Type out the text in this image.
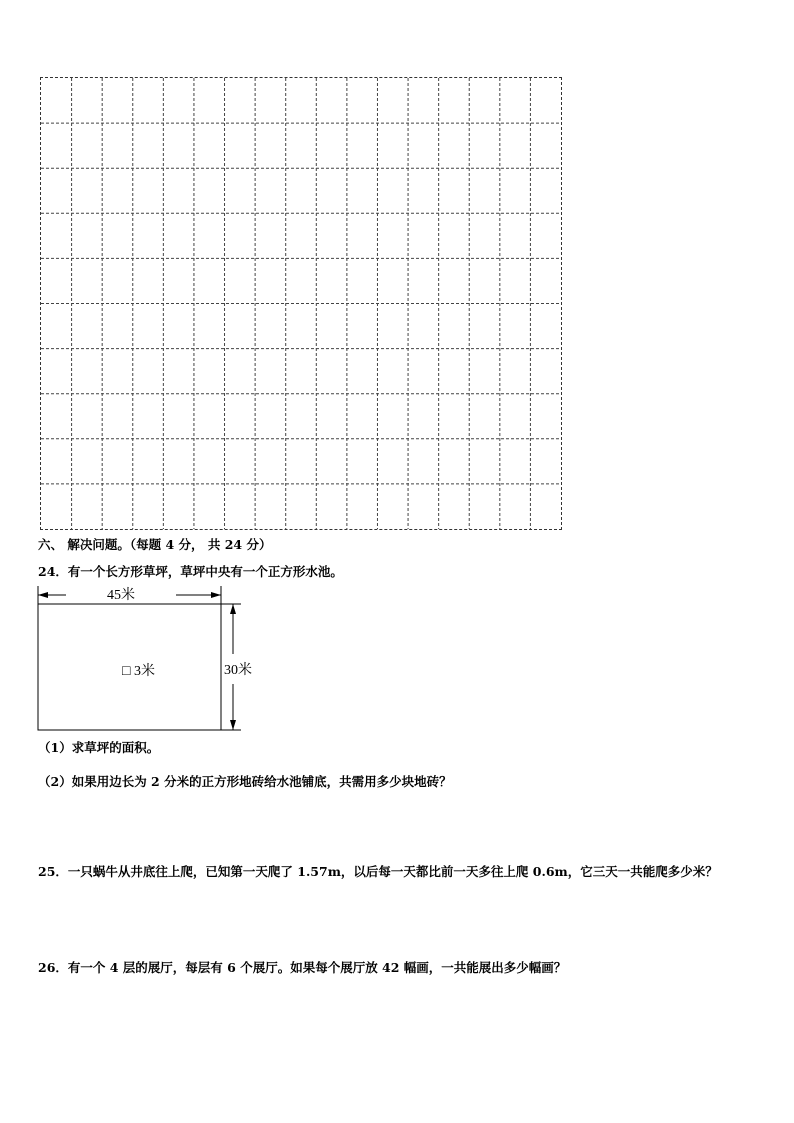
六、 解决问题。（每题 4 分， 共 24 分）
24．有一个长方形草坪，草坪中央有一个正方形水池。
45米
30米
□ 3米
（1）求草坪的面积。
（2）如果用边长为 2 分米的正方形地砖给水池铺底，共需用多少块地砖？
25．一只蜗牛从井底往上爬，已知第一天爬了 1.57m，以后每一天都比前一天多往上爬 0.6m，它三天一共能爬多少米？
26．有一个 4 层的展厅，每层有 6 个展厅。如果每个展厅放 42 幅画，一共能展出多少幅画？
